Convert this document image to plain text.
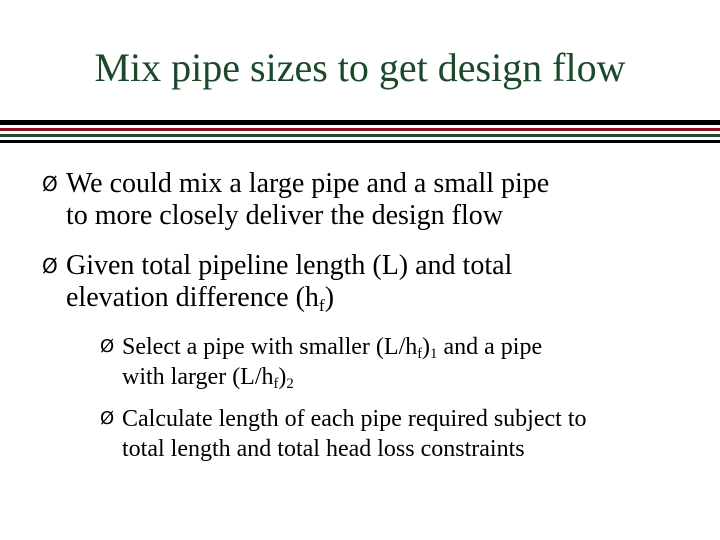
Mix pipe sizes to get design flow
Ø We could mix a large pipe and a small pipe
to more closely deliver the design flow
Ø Given total pipeline length (L) and total
elevation difference $(h_f)$
Ø Select a pipe with smaller $(L/hf)_1$ and a pipe
with larger $(L/hf)_2$
Ø Calculate length of each pipe required subject to
total length and total head loss constraints
